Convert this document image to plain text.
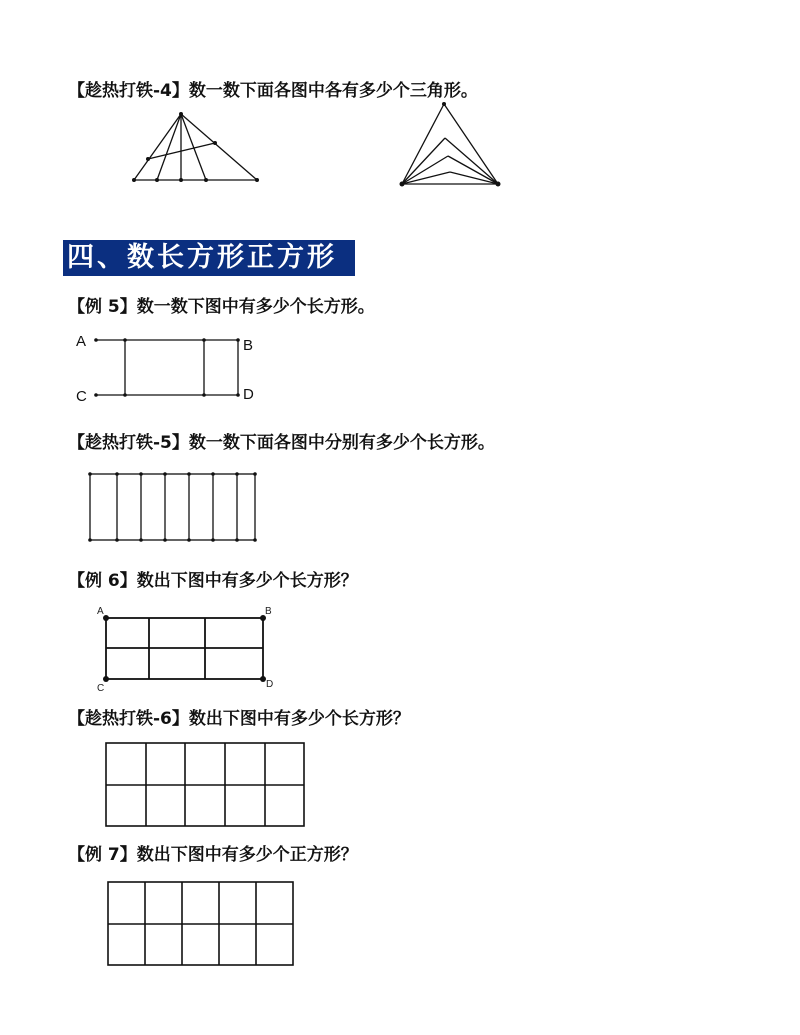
【趁热打铁-4】数一数下面各图中各有多少个三角形。
四、数长方形正方形
【例 5】数一数下图中有多少个长方形。
A	B
C	D
【趁热打铁-5】数一数下面各图中分别有多少个长方形。
【例 6】数出下图中有多少个长方形？
A	B
C	D
【趁热打铁-6】数出下图中有多少个长方形？
【例 7】数出下图中有多少个正方形？
